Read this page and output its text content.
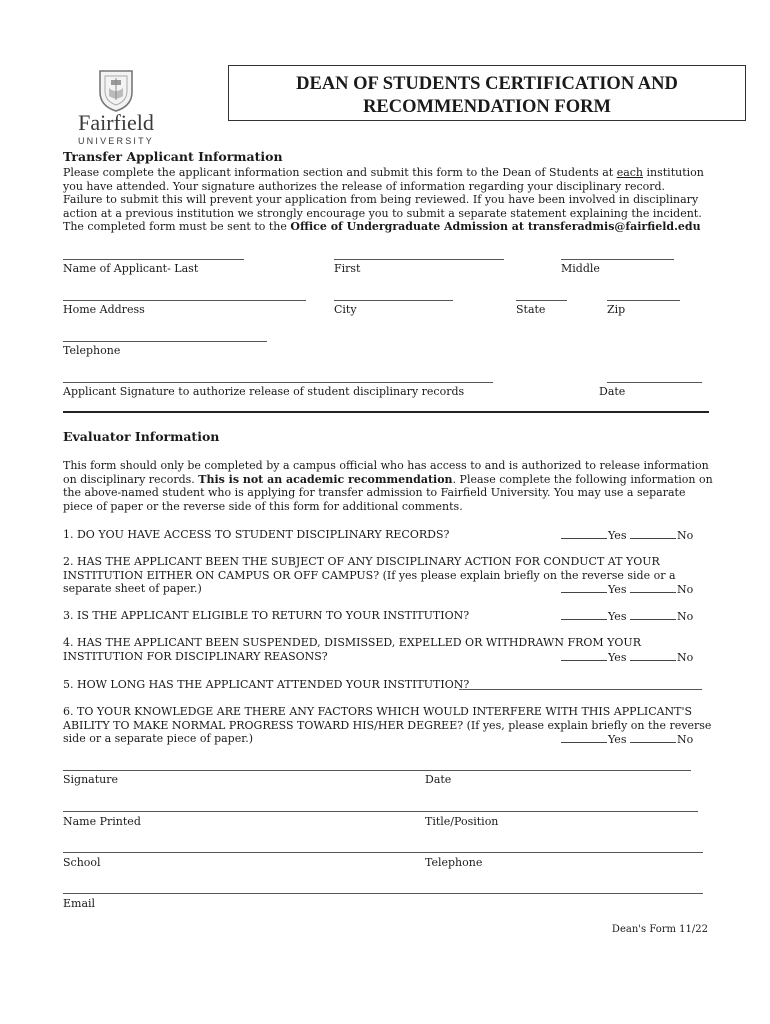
Fairfield
UNIVERSITY
DEAN OF STUDENTS CERTIFICATION AND
RECOMMENDATION FORM
Transfer Applicant Information
Please complete the applicant information section and submit this form to the Dean of Students at each institution
you have attended. Your signature authorizes the release of information regarding your disciplinary record.
Failure to submit this will prevent your application from being reviewed. If you have been involved in disciplinary
action at a previous institution we strongly encourage you to submit a separate statement explaining the incident.
The completed form must be sent to the Office of Undergraduate Admission at transferadmis@fairfield.edu
Name of Applicant- Last	First	Middle
Home Address	City	State	Zip
Telephone
Applicant Signature to authorize release of student disciplinary records	Date
Evaluator Information
This form should only be completed by a campus official who has access to and is authorized to release information
on disciplinary records. This is not an academic recommendation. Please complete the following information on
the above-named student who is applying for transfer admission to Fairfield University. You may use a separate
piece of paper or the reverse side of this form for additional comments.
1. DO YOU HAVE ACCESS TO STUDENT DISCIPLINARY RECORDS?	Yes	No
2. HAS THE APPLICANT BEEN THE SUBJECT OF ANY DISCIPLINARY ACTION FOR CONDUCT AT YOUR
INSTITUTION EITHER ON CAMPUS OR OFF CAMPUS? (If yes please explain briefly on the reverse side or a
separate sheet of paper.)	Yes	No
3. IS THE APPLICANT ELIGIBLE TO RETURN TO YOUR INSTITUTION?	Yes	No
4. HAS THE APPLICANT BEEN SUSPENDED, DISMISSED, EXPELLED OR WITHDRAWN FROM YOUR
INSTITUTION FOR DISCIPLINARY REASONS?	Yes	No
5. HOW LONG HAS THE APPLICANT ATTENDED YOUR INSTITUTION?
6. TO YOUR KNOWLEDGE ARE THERE ANY FACTORS WHICH WOULD INTERFERE WITH THIS APPLICANT'S
ABILITY TO MAKE NORMAL PROGRESS TOWARD HIS/HER DEGREE? (If yes, please explain briefly on the reverse
side or a separate piece of paper.)	Yes	No
Signature	Date
Name Printed	Title/Position
School	Telephone
Email
Dean's Form 11/22
